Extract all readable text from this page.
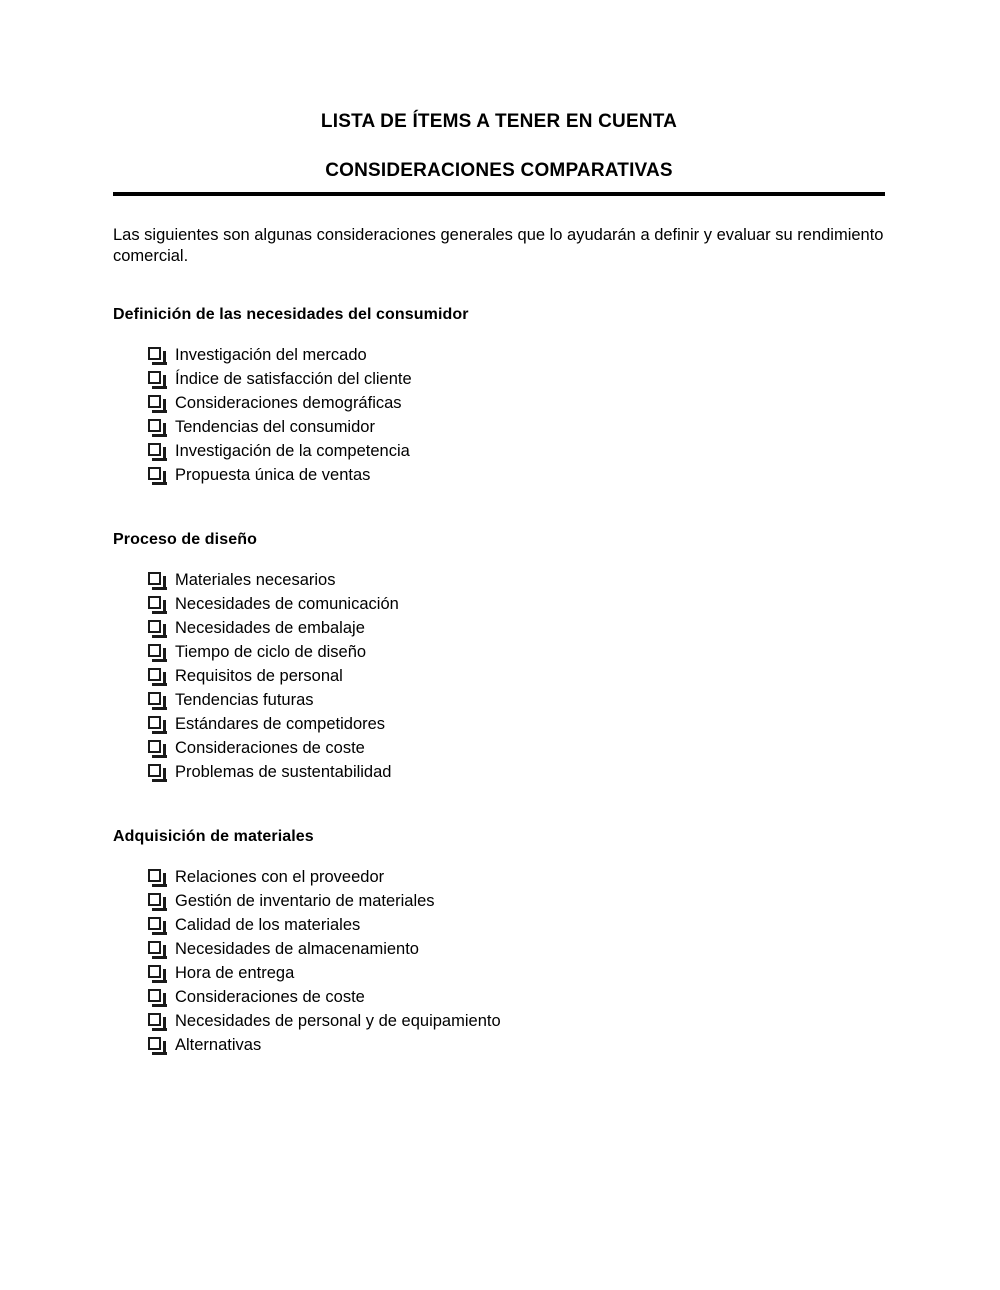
LISTA DE ÍTEMS A TENER EN CUENTA
CONSIDERACIONES COMPARATIVAS

Las siguientes son algunas consideraciones generales que lo ayudarán a definir y evaluar su rendimiento comercial.

Definición de las necesidades del consumidor
Investigación del mercado
Índice de satisfacción del cliente
Consideraciones demográficas
Tendencias del consumidor
Investigación de la competencia
Propuesta única de ventas
Proceso de diseño
Materiales necesarios
Necesidades de comunicación
Necesidades de embalaje
Tiempo de ciclo de diseño
Requisitos de personal
Tendencias futuras
Estándares de competidores
Consideraciones de coste
Problemas de sustentabilidad
Adquisición de materiales
Relaciones con el proveedor
Gestión de inventario de materiales
Calidad de los materiales
Necesidades de almacenamiento
Hora de entrega
Consideraciones de coste
Necesidades de personal y de equipamiento
Alternativas
